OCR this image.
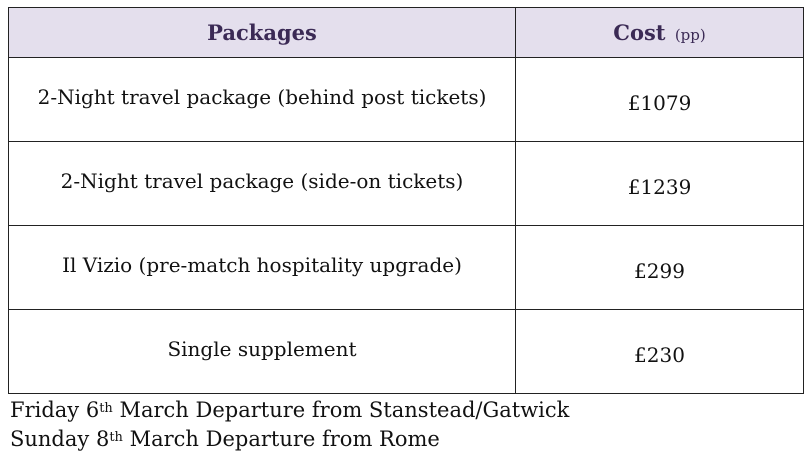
Packages	Cost (pp)
2-Night travel package (behind post tickets)	£1079
2-Night travel package (side-on tickets)	£1239
Il Vizio (pre-match hospitality upgrade)	£299
Single supplement	£230
Friday 6th March Departure from Stanstead/Gatwick
Sunday 8th March Departure from Rome
